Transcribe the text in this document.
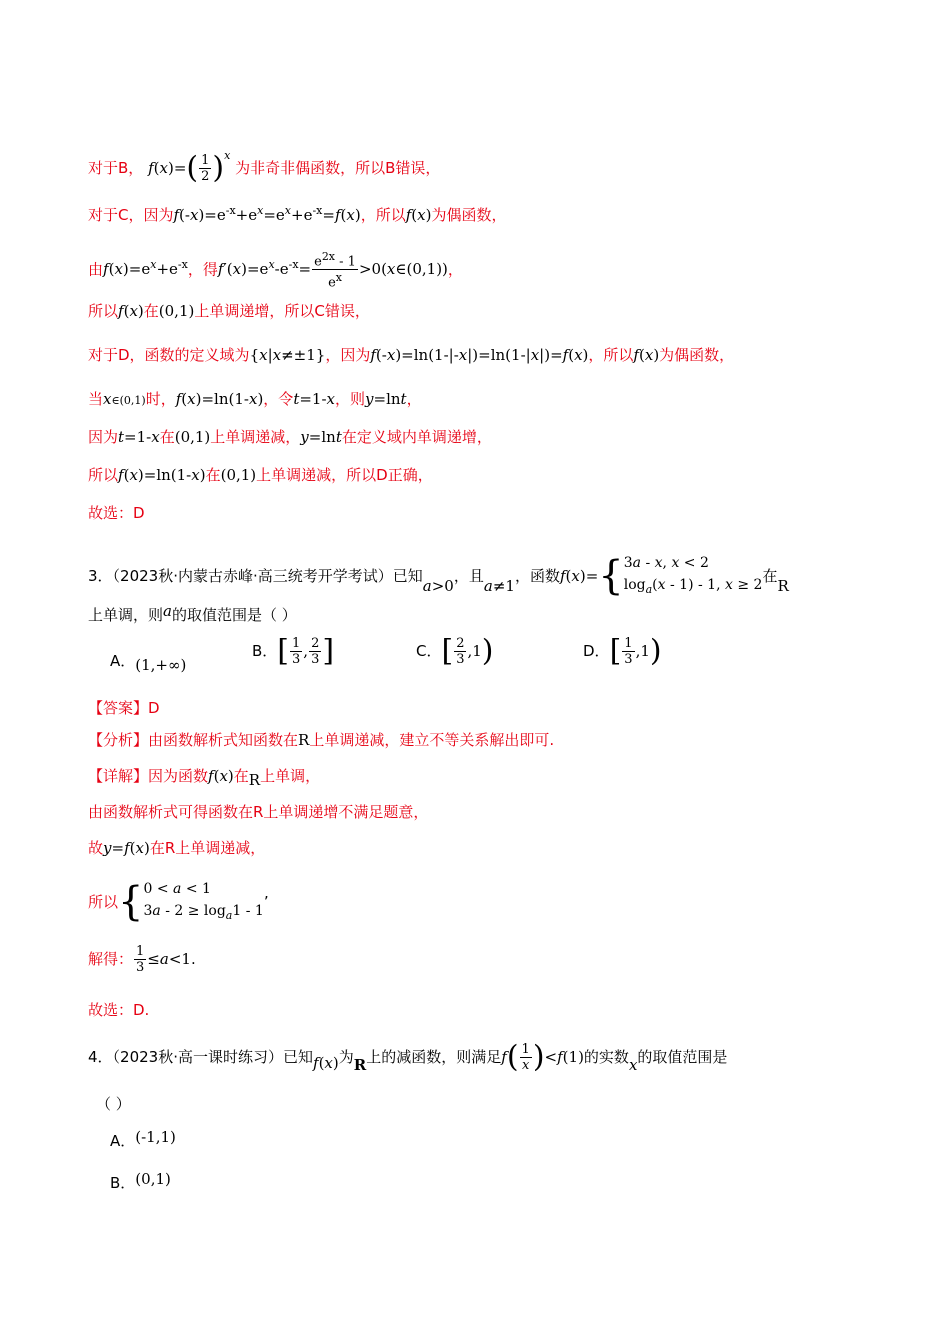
对于B， $f(x)=( \frac{1}{2} )^x$ 为非奇非偶函数，所以B错误，
对于C，因为$f(-x)=e^{-x}+e^x=e^x+e^{-x}=f(x)$，所以f(x)为偶函数，
由$f(x)=e^x+e^{-x}$，得$f'(x)=e^x-e^{-x}= \frac{e^{2x} - 1}{e^x}$ >0(x∈(0,1))，
所以f(x)在(0,1)上单调递增，所以C错误，
对于D，函数的定义域为{x|x≠±1}，因为f(-x)=ln(1-|-x|)=ln(1-|x|)=f(x)，所以f(x)为偶函数，
当x∈(0,1)时，f(x)=ln(1-x)，令t=1-x，则y=lnt，
因为t=1-x在(0,1)上单调递减，y=lnt在定义域内单调递增，
所以f(x)=ln(1-x)在(0,1)上单调递减，所以D正确，
故选：D
3．（2023秋·内蒙古赤峰·高三统考开学考试）已知a>0，且a≠1，函数f(x)= { 3a - x, x < 2
$\log_a(x - 1) - 1$, x ≥ 2
在R
上单调，则a的取值范围是（ ）
A．(1,+∞)
B．[ $\frac{1}{3}$ , $\frac{2}{3}$ ]	C．[ $\frac{2}{3} ,1$)	D．[ $\frac{1}{3} ,1$)
【答案】D
【分析】由函数解析式知函数在R上单调递减，建立不等关系解出即可.
【详解】因为函数f(x)在R上单调，
由函数解析式可得函数在R上单调递增不满足题意，
故y=f(x)在R上单调递减，
所以 { 0 < a < 1
$3a - 2 \ge \log_a1 - 1$
’
解得： $\frac{1}{3} \le a<1$.
故选：D.
4．（2023秋·高一课时练习）已知f(x)为R上的减函数，则满足$f( \frac{1}{x} )<f(1)$的实数x的取值范围是
（ ）
A．(-1,1)
B．(0,1)
